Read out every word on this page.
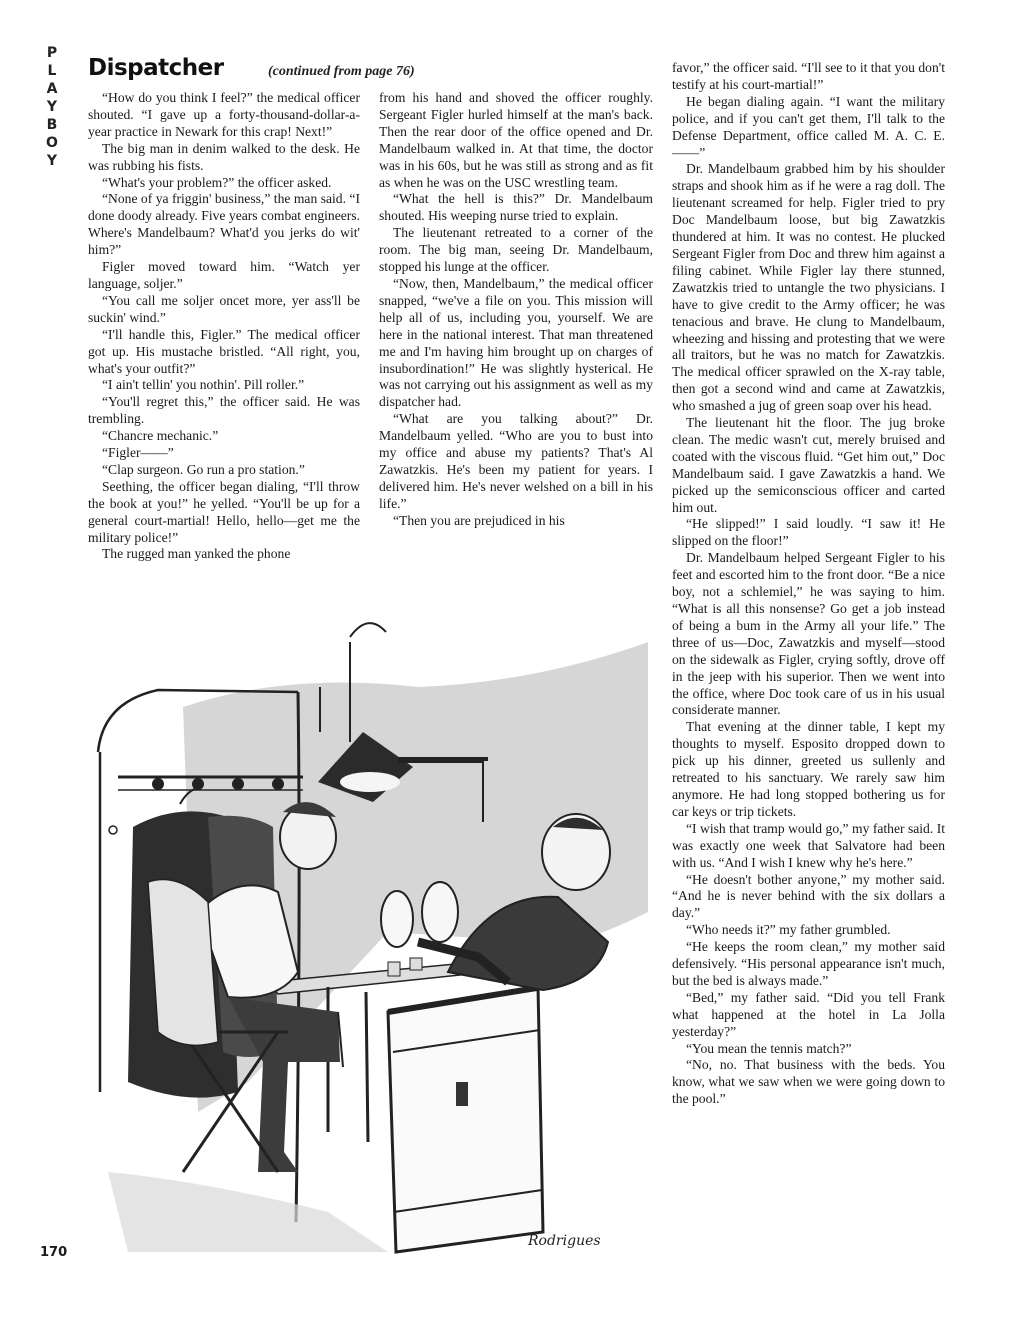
P
L
A
Y
B
O
Y
Dispatcher	(continued from page 76)

“How do you think I feel?” the medical officer shouted. “I gave up a forty-thousand-dollar-a-year practice in Newark for this crap! Next!”

The big man in denim walked to the desk. He was rubbing his fists.

“What's your problem?” the officer asked.

“None of ya friggin' business,” the man said. “I done doody already. Five years combat engineers. Where's Mandelbaum? What'd you jerks do wit' him?”

Figler moved toward him. “Watch yer language, soljer.”

“You call me soljer oncet more, yer ass'll be suckin' wind.”

“I'll handle this, Figler.” The medical officer got up. His mustache bristled. “All right, you, what's your outfit?”

“I ain't tellin' you nothin'. Pill roller.”

“You'll regret this,” the officer said. He was trembling.

“Chancre mechanic.”

“Figler——”

“Clap surgeon. Go run a pro station.”

Seething, the officer began dialing, “I'll throw the book at you!” he yelled. “You'll be up for a general court-martial! Hello, hello—get me the military police!”

The rugged man yanked the phone

from his hand and shoved the officer roughly. Sergeant Figler hurled himself at the man's back. Then the rear door of the office opened and Dr. Mandelbaum walked in. At that time, the doctor was in his 60s, but he was still as strong and as fit as when he was on the USC wrestling team.

“What the hell is this?” Dr. Mandelbaum shouted. His weeping nurse tried to explain.

The lieutenant retreated to a corner of the room. The big man, seeing Dr. Mandelbaum, stopped his lunge at the officer.

“Now, then, Mandelbaum,” the medical officer snapped, “we've a file on you. This mission will help all of us, including you, yourself. We are here in the national interest. That man threatened me and I'm having him brought up on charges of insubordination!” He was slightly hysterical. He was not carrying out his assignment as well as my dispatcher had.

“What are you talking about?” Dr. Mandelbaum yelled. “Who are you to bust into my office and abuse my patients? That's Al Zawatzkis. He's been my patient for years. I delivered him. He's never welshed on a bill in his life.”

“Then you are prejudiced in his

favor,” the officer said. “I'll see to it that you don't testify at his court-martial!”

He began dialing again. “I want the military police, and if you can't get them, I'll talk to the Defense Department, office called M. A. C. E.——”

Dr. Mandelbaum grabbed him by his shoulder straps and shook him as if he were a rag doll. The lieutenant screamed for help. Figler tried to pry Doc Mandelbaum loose, but big Zawatzkis thundered at him. It was no contest. He plucked Sergeant Figler from Doc and threw him against a filing cabinet. While Figler lay there stunned, Zawatzkis tried to untangle the two physicians. I have to give credit to the Army officer; he was tenacious and brave. He clung to Mandelbaum, wheezing and hissing and protesting that we were all traitors, but he was no match for Zawatzkis. The medical officer sprawled on the X-ray table, then got a second wind and came at Zawatzkis, who smashed a jug of green soap over his head.

The lieutenant hit the floor. The jug broke clean. The medic wasn't cut, merely bruised and coated with the viscous fluid. “Get him out,” Doc Mandelbaum said. I gave Zawatzkis a hand. We picked up the semiconscious officer and carted him out.

“He slipped!” I said loudly. “I saw it! He slipped on the floor!”

Dr. Mandelbaum helped Sergeant Figler to his feet and escorted him to the front door. “Be a nice boy, not a schlemiel,” he was saying to him. “What is all this nonsense? Go get a job instead of being a bum in the Army all your life.” The three of us—Doc, Zawatzkis and myself—stood on the sidewalk as Figler, crying softly, drove off in the jeep with his superior. Then we went into the office, where Doc took care of us in his usual considerate manner.

That evening at the dinner table, I kept my thoughts to myself. Esposito dropped down to pick up his dinner, greeted us sullenly and retreated to his sanctuary. We rarely saw him anymore. He had long stopped bothering us for car keys or trip tickets.

“I wish that tramp would go,” my father said. It was exactly one week that Salvatore had been with us. “And I wish I knew why he's here.”

“He doesn't bother anyone,” my mother said. “And he is never behind with the six dollars a day.”

“Who needs it?” my father grumbled.

“He keeps the room clean,” my mother said defensively. “His personal appearance isn't much, but the bed is always made.”

“Bed,” my father said. “Did you tell Frank what happened at the hotel in La Jolla yesterday?”

“You mean the tennis match?”

“No, no. That business with the beds. You know, what we saw when we were going down to the pool.”

Rodrigues
170
